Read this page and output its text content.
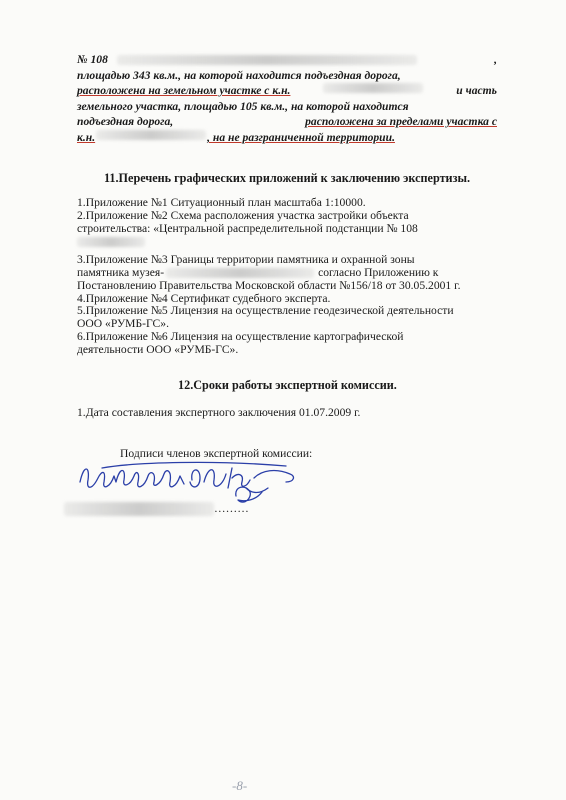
№ 108	,
площадью 343 кв.м., на которой находится подъездная дорога,
расположена на земельном участке с к.н.	и часть
земельного участка, площадью 105 кв.м., на которой находится
подъездная дорога,	расположена за пределами участка с
к.н.	, на не разграниченной территории.
11.Перечень графических приложений к заключению экспертизы.

1.Приложение №1 Ситуационный план масштаба 1:10000.

2.Приложение №2 Схема расположения участка застройки объекта

строительства: «Центральной распределительной подстанции № 108

3.Приложение №3 Границы территории памятника и охранной зоны

памятника музея-	согласно Приложению к

Постановлению Правительства Московской области №156/18 от 30.05.2001 г.

4.Приложение №4 Сертификат судебного эксперта.

5.Приложение №5 Лицензия на осуществление геодезической деятельности

ООО «РУМБ-ГС».

6.Приложение №6 Лицензия на осуществление картографической

деятельности ООО «РУМБ-ГС».

12.Сроки работы экспертной комиссии.
1.Дата составления экспертного заключения 01.07.2009 г.
Подписи членов экспертной комиссии:
………
-8-
